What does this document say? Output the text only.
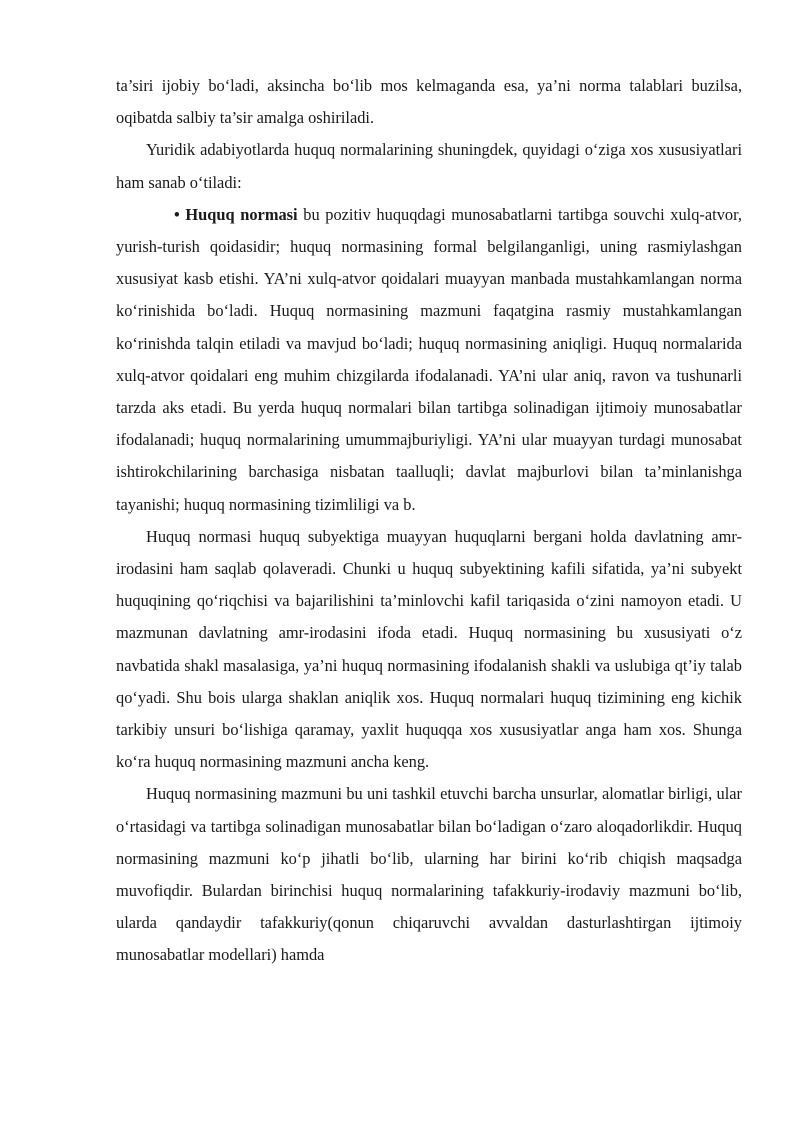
ta’siri ijobiy bo‘ladi, aksincha bo‘lib mos kelmaganda esa, ya’ni norma talablari buzilsa, oqibatda salbiy ta’sir amalga oshiriladi.

Yuridik adabiyotlarda huquq normalarining shuningdek, quyidagi o‘ziga xos xususiyatlari ham sanab o‘tiladi:

• Huquq normasi bu pozitiv huquqdagi munosabatlarni tartibga souvchi xulq-atvor, yurish-turish qoidasidir; huquq normasining formal belgilanganligi, uning rasmiylashgan xususiyat kasb etishi. YA’ni xulq-atvor qoidalari muayyan manbada mustahkamlangan norma ko‘rinishida bo‘ladi. Huquq normasining mazmuni faqatgina rasmiy mustahkamlangan ko‘rinishda talqin etiladi va mavjud bo‘ladi; huquq normasining aniqligi. Huquq normalarida xulq-atvor qoidalari eng muhim chizgilarda ifodalanadi. YA’ni ular aniq, ravon va tushunarli tarzda aks etadi. Bu yerda huquq normalari bilan tartibga solinadigan ijtimoiy munosabatlar ifodalanadi; huquq normalarining umummajburiyligi. YA’ni ular muayyan turdagi munosabat ishtirokchilarining barchasiga nisbatan taalluqli; davlat majburlovi bilan ta’minlanishga tayanishi; huquq normasining tizimliligi va b.

Huquq normasi huquq subyektiga muayyan huquqlarni bergani holda davlatning amr-irodasini ham saqlab qolaveradi. Chunki u huquq subyektining kafili sifatida, ya’ni subyekt huquqining qo‘riqchisi va bajarilishini ta’minlovchi kafil tariqasida o‘zini namoyon etadi. U mazmunan davlatning amr-irodasini ifoda etadi. Huquq normasining bu xususiyati o‘z navbatida shakl masalasiga, ya’ni huquq normasining ifodalanish shakli va uslubiga qt’iy talab qo‘yadi. Shu bois ularga shaklan aniqlik xos. Huquq normalari huquq tizimining eng kichik tarkibiy unsuri bo‘lishiga qaramay, yaxlit huquqqa xos xususiyatlar anga ham xos. Shunga ko‘ra huquq normasining mazmuni ancha keng.

Huquq normasining mazmuni bu uni tashkil etuvchi barcha unsurlar, alomatlar birligi, ular o‘rtasidagi va tartibga solinadigan munosabatlar bilan bo‘ladigan o‘zaro aloqadorlikdir. Huquq normasining mazmuni ko‘p jihatli bo‘lib, ularning har birini ko‘rib chiqish maqsadga muvofiqdir. Bulardan birinchisi huquq normalarining tafakkuriy-irodaviy mazmuni bo‘lib, ularda qandaydir tafakkuriy(qonun chiqaruvchi avvaldan dasturlashtirgan ijtimoiy munosabatlar modellari) hamda
